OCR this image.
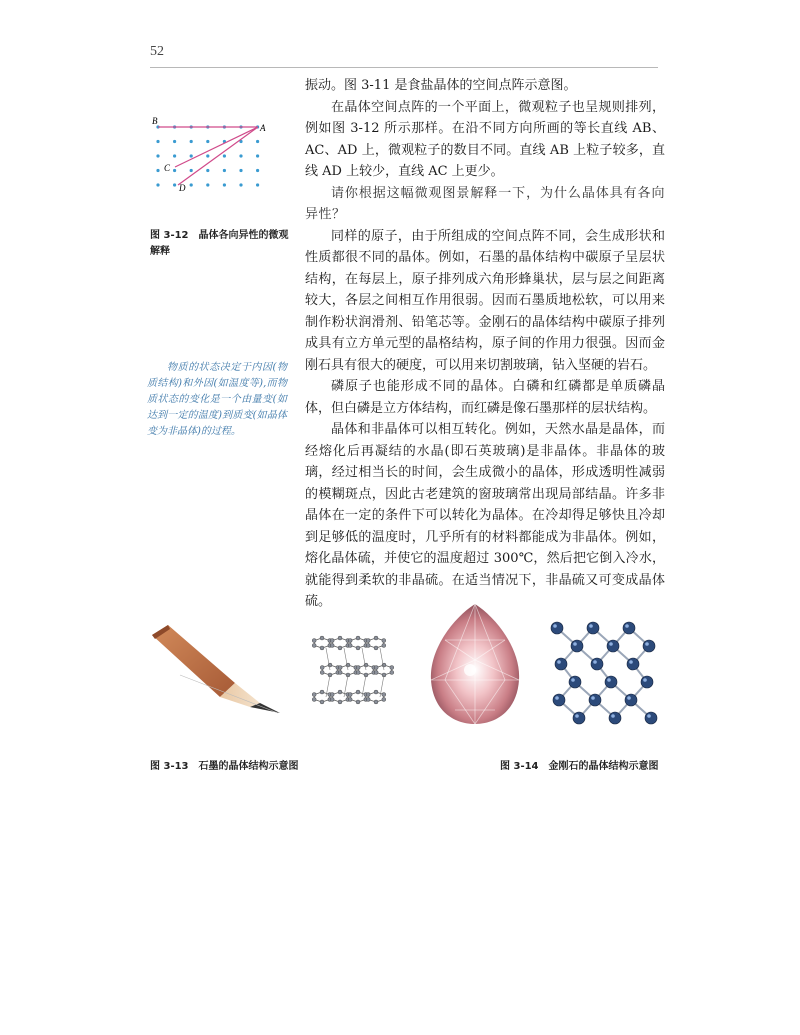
52
B
A
C
D
图 3-12　晶体各向异性的微观解释
物质的状态决定于内因(物质结构)和外因(如温度等),而物质状态的变化是一个由量变(如达到一定的温度)到质变(如晶体变为非晶体)的过程。

振动。图 3-11 是食盐晶体的空间点阵示意图。

在晶体空间点阵的一个平面上，微观粒子也呈规则排列，例如图 3-12 所示那样。在沿不同方向所画的等长直线 AB、AC、AD 上，微观粒子的数目不同。直线 AB 上粒子较多，直线 AD 上较少，直线 AC 上更少。

请你根据这幅微观图景解释一下，为什么晶体具有各向异性？

同样的原子，由于所组成的空间点阵不同，会生成形状和性质都很不同的晶体。例如，石墨的晶体结构中碳原子呈层状结构，在每层上，原子排列成六角形蜂巢状，层与层之间距离较大，各层之间相互作用很弱。因而石墨质地松软，可以用来制作粉状润滑剂、铅笔芯等。金刚石的晶体结构中碳原子排列成具有立方单元型的晶格结构，原子间的作用力很强。因而金刚石具有很大的硬度，可以用来切割玻璃，钻入坚硬的岩石。

磷原子也能形成不同的晶体。白磷和红磷都是单质磷晶体，但白磷是立方体结构，而红磷是像石墨那样的层状结构。

晶体和非晶体可以相互转化。例如，天然水晶是晶体，而经熔化后再凝结的水晶(即石英玻璃)是非晶体。非晶体的玻璃，经过相当长的时间，会生成微小的晶体，形成透明性减弱的模糊斑点，因此古老建筑的窗玻璃常出现局部结晶。许多非晶体在一定的条件下可以转化为晶体。在冷却得足够快且冷却到足够低的温度时，几乎所有的材料都能成为非晶体。例如，熔化晶体硫，并使它的温度超过 300℃，然后把它倒入冷水，就能得到柔软的非晶硫。在适当情况下，非晶硫又可变成晶体硫。

图 3-13　石墨的晶体结构示意图	图 3-14　金刚石的晶体结构示意图
